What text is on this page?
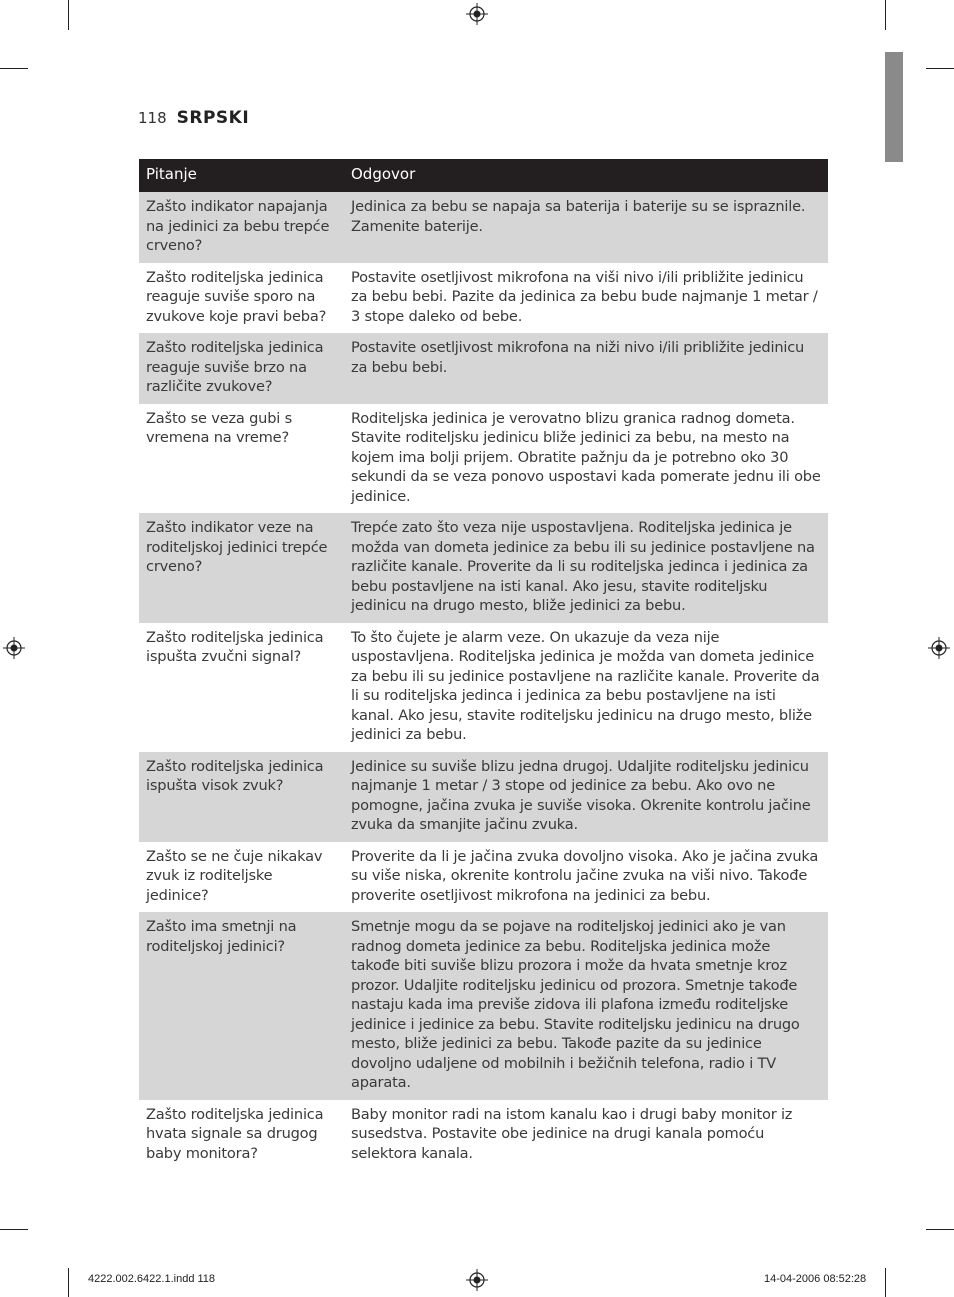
118 SRPSKI
Pitanje	Odgovor
Zašto indikator napajanja na jedinici za bebu trepće crveno?	Jedinica za bebu se napaja sa baterija i baterije su se ispraznile. Zamenite baterije.
Zašto roditeljska jedinica reaguje suviše sporo na zvukove koje pravi beba?	Postavite osetljivost mikrofona na viši nivo i/ili približite jedinicu za bebu bebi. Pazite da jedinica za bebu bude najmanje 1 metar / 3 stope daleko od bebe.
Zašto roditeljska jedinica reaguje suviše brzo na različite zvukove?	Postavite osetljivost mikrofona na niži nivo i/ili približite jedinicu za bebu bebi.
Zašto se veza gubi s vremena na vreme?	Roditeljska jedinica je verovatno blizu granica radnog dometa. Stavite roditeljsku jedinicu bliže jedinici za bebu, na mesto na kojem ima bolji prijem. Obratite pažnju da je potrebno oko 30 sekundi da se veza ponovo uspostavi kada pomerate jednu ili obe jedinice.
Zašto indikator veze na roditeljskoj jedinici trepće crveno?	Trepće zato što veza nije uspostavljena. Roditeljska jedinica je možda van dometa jedinice za bebu ili su jedinice postavljene na različite kanale. Proverite da li su roditeljska jedinca i jedinica za bebu postavljene na isti kanal. Ako jesu, stavite roditeljsku jedinicu na drugo mesto, bliže jedinici za bebu.
Zašto roditeljska jedinica ispušta zvučni signal?	To što čujete je alarm veze. On ukazuje da veza nije uspostavljena. Roditeljska jedinica je možda van dometa jedinice za bebu ili su jedinice postavljene na različite kanale. Proverite da li su roditeljska jedinca i jedinica za bebu postavljene na isti kanal. Ako jesu, stavite roditeljsku jedinicu na drugo mesto, bliže jedinici za bebu.
Zašto roditeljska jedinica ispušta visok zvuk?	Jedinice su suviše blizu jedna drugoj. Udaljite roditeljsku jedinicu najmanje 1 metar / 3 stope od jedinice za bebu. Ako ovo ne pomogne, jačina zvuka je suviše visoka. Okrenite kontrolu jačine zvuka da smanjite jačinu zvuka.
Zašto se ne čuje nikakav zvuk iz roditeljske jedinice?	Proverite da li je jačina zvuka dovoljno visoka. Ako je jačina zvuka su više niska, okrenite kontrolu jačine zvuka na viši nivo. Takođe proverite osetljivost mikrofona na jedinici za bebu.
Zašto ima smetnji na roditeljskoj jedinici?	Smetnje mogu da se pojave na roditeljskoj jedinici ako je van radnog dometa jedinice za bebu. Roditeljska jedinica može takođe biti suviše blizu prozora i može da hvata smetnje kroz prozor. Udaljite roditeljsku jedinicu od prozora. Smetnje takođe nastaju kada ima previše zidova ili plafona između roditeljske jedinice i jedinice za bebu. Stavite roditeljsku jedinicu na drugo mesto, bliže jedinici za bebu. Takođe pazite da su jedinice dovoljno udaljene od mobilnih i bežičnih telefona, radio i TV aparata.
Zašto roditeljska jedinica hvata signale sa drugog baby monitora?	Baby monitor radi na istom kanalu kao i drugi baby monitor iz susedstva. Postavite obe jedinice na drugi kanala pomoću selektora kanala.
4222.002.6422.1.indd 118	14-04-2006 08:52:28
